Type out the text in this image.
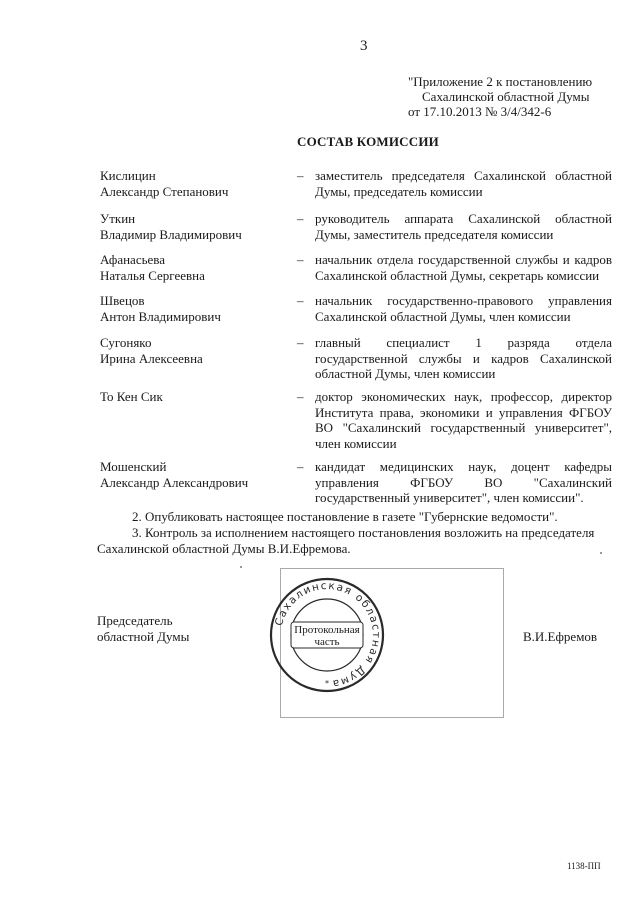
3
"Приложение 2 к постановлению
Сахалинской областной Думы
от 17.10.2013 № 3/4/342-6
СОСТАВ КОМИССИИ
Кислицин
Александр Степанович
– заместитель председателя Сахалинской областной Думы, председатель комиссии
Уткин
Владимир Владимирович
– руководитель аппарата Сахалинской областной Думы, заместитель председателя комиссии
Афанасьева
Наталья Сергеевна
– начальник отдела государственной службы и кадров Сахалинской областной Думы, секретарь комиссии
Швецов
Антон Владимирович
– начальник государственно-правового управления Сахалинской областной Думы, член комиссии
Сугоняко
Ирина Алексеевна
– главный специалист 1 разряда отдела государственной службы и кадров Сахалинской областной Думы, член комиссии
То Кен Сик	– доктор экономических наук, профессор, директор Института права, экономики и управления ФГБОУ ВО "Сахалинский государственный университет", член комиссии
Мошенский
Александр Александрович
– кандидат медицинских наук, доцент кафедры управления ФГБОУ ВО "Сахалинский государственный университет", член комиссии".
2. Опубликовать настоящее постановление в газете "Губернские ведомости".
3. Контроль за исполнением настоящего постановления возложить на председателя
Сахалинской областной Думы В.И.Ефремова.
Сахалинская областная Дума
Протокольная
часть
*
Председатель
областной Думы	В.И.Ефремов
1138-ПП
